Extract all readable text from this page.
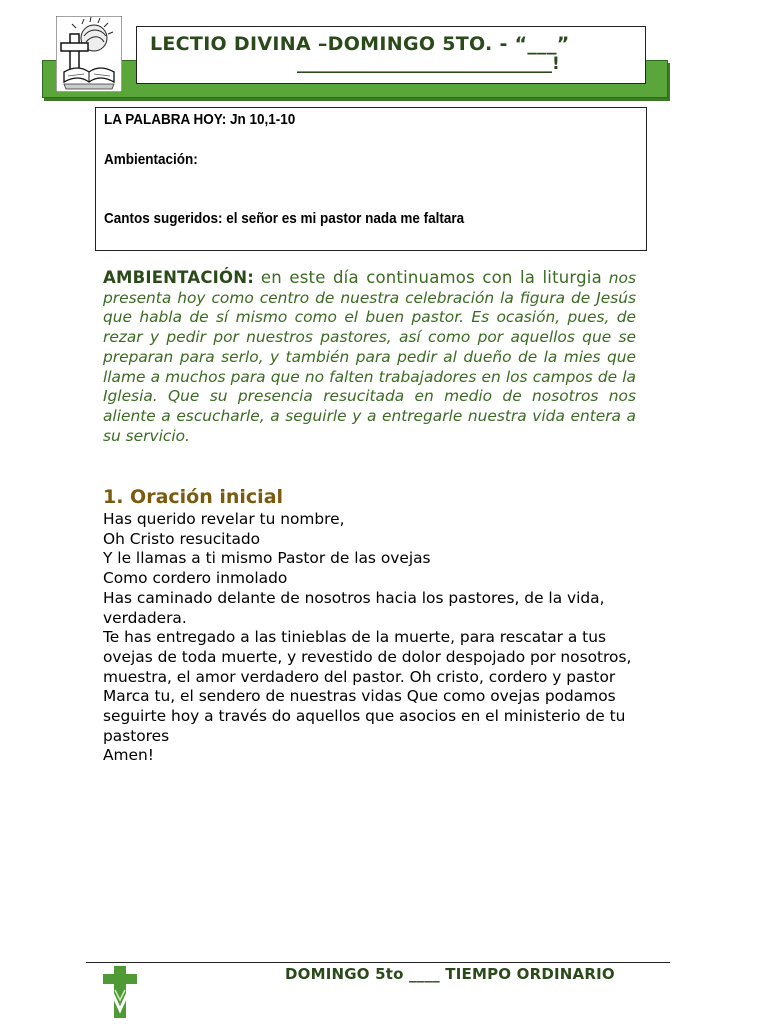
LECTIO DIVINA –DOMINGO 5TO. - “___”
______________________________!
LA PALABRA HOY: Jn 10,1-10
Ambientación:
Cantos sugeridos: el señor es mi pastor nada me faltara
AMBIENTACIÓN: en este día continuamos con la liturgia nos presenta hoy como centro de nuestra celebración la figura de Jesús que habla de sí mismo como el buen pastor. Es ocasión, pues, de rezar y pedir por nuestros pastores, así como por aquellos que se preparan para serlo, y también para pedir al dueño de la mies que llame a muchos para que no falten trabajadores en los campos de la Iglesia. Que su presencia resucitada en medio de nosotros nos aliente a escucharle, a seguirle y a entregarle nuestra vida entera a su servicio.
1. Oración inicial
Has querido revelar tu nombre,
Oh Cristo resucitado
Y le llamas a ti mismo Pastor de las ovejas
Como cordero inmolado
Has caminado delante de nosotros hacia los pastores, de la vida, verdadera.
Te has entregado a las tinieblas de la muerte, para rescatar a tus ovejas de toda muerte, y revestido de dolor despojado por nosotros, muestra, el amor verdadero del pastor. Oh cristo, cordero y pastor
Marca tu, el sendero de nuestras vidas Que como ovejas podamos seguirte hoy a través do aquellos que asocios en el ministerio de tu pastores
Amen!
DOMINGO 5to ____ TIEMPO ORDINARIO
